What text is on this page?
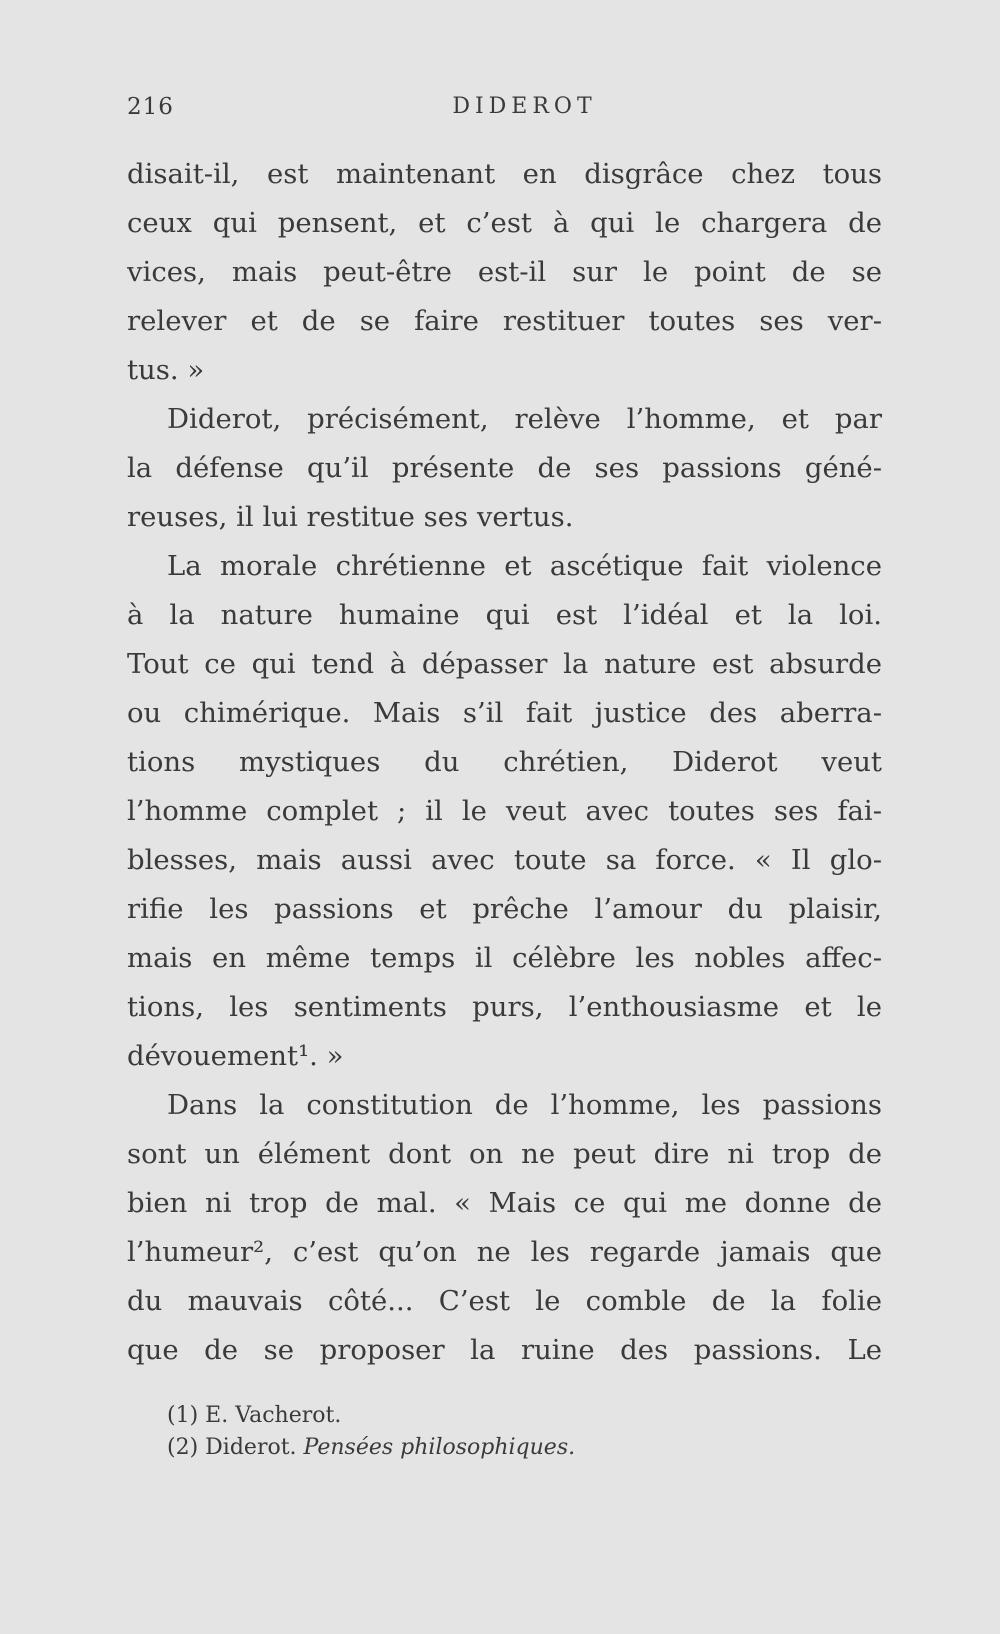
216	DIDEROT
disait-il, est maintenant en disgrâce chez tous
ceux qui pensent, et c’est à qui le chargera de
vices, mais peut-être est-il sur le point de se
relever et de se faire restituer toutes ses ver-
tus. »
Diderot, précisément, relève l’homme, et par
la défense qu’il présente de ses passions géné-
reuses, il lui restitue ses vertus.
La morale chrétienne et ascétique fait violence
à la nature humaine qui est l’idéal et la loi.
Tout ce qui tend à dépasser la nature est absurde
ou chimérique. Mais s’il fait justice des aberra-
tions mystiques du chrétien, Diderot veut
l’homme complet ; il le veut avec toutes ses fai-
blesses, mais aussi avec toute sa force. « Il glo-
rifie les passions et prêche l’amour du plaisir,
mais en même temps il célèbre les nobles affec-
tions, les sentiments purs, l’enthousiasme et le
dévouement¹. »
Dans la constitution de l’homme, les passions
sont un élément dont on ne peut dire ni trop de
bien ni trop de mal. « Mais ce qui me donne de
l’humeur², c’est qu’on ne les regarde jamais que
du mauvais côté... C’est le comble de la folie
que de se proposer la ruine des passions. Le
(1) E. Vacherot.
(2) Diderot. Pensées philosophiques.
